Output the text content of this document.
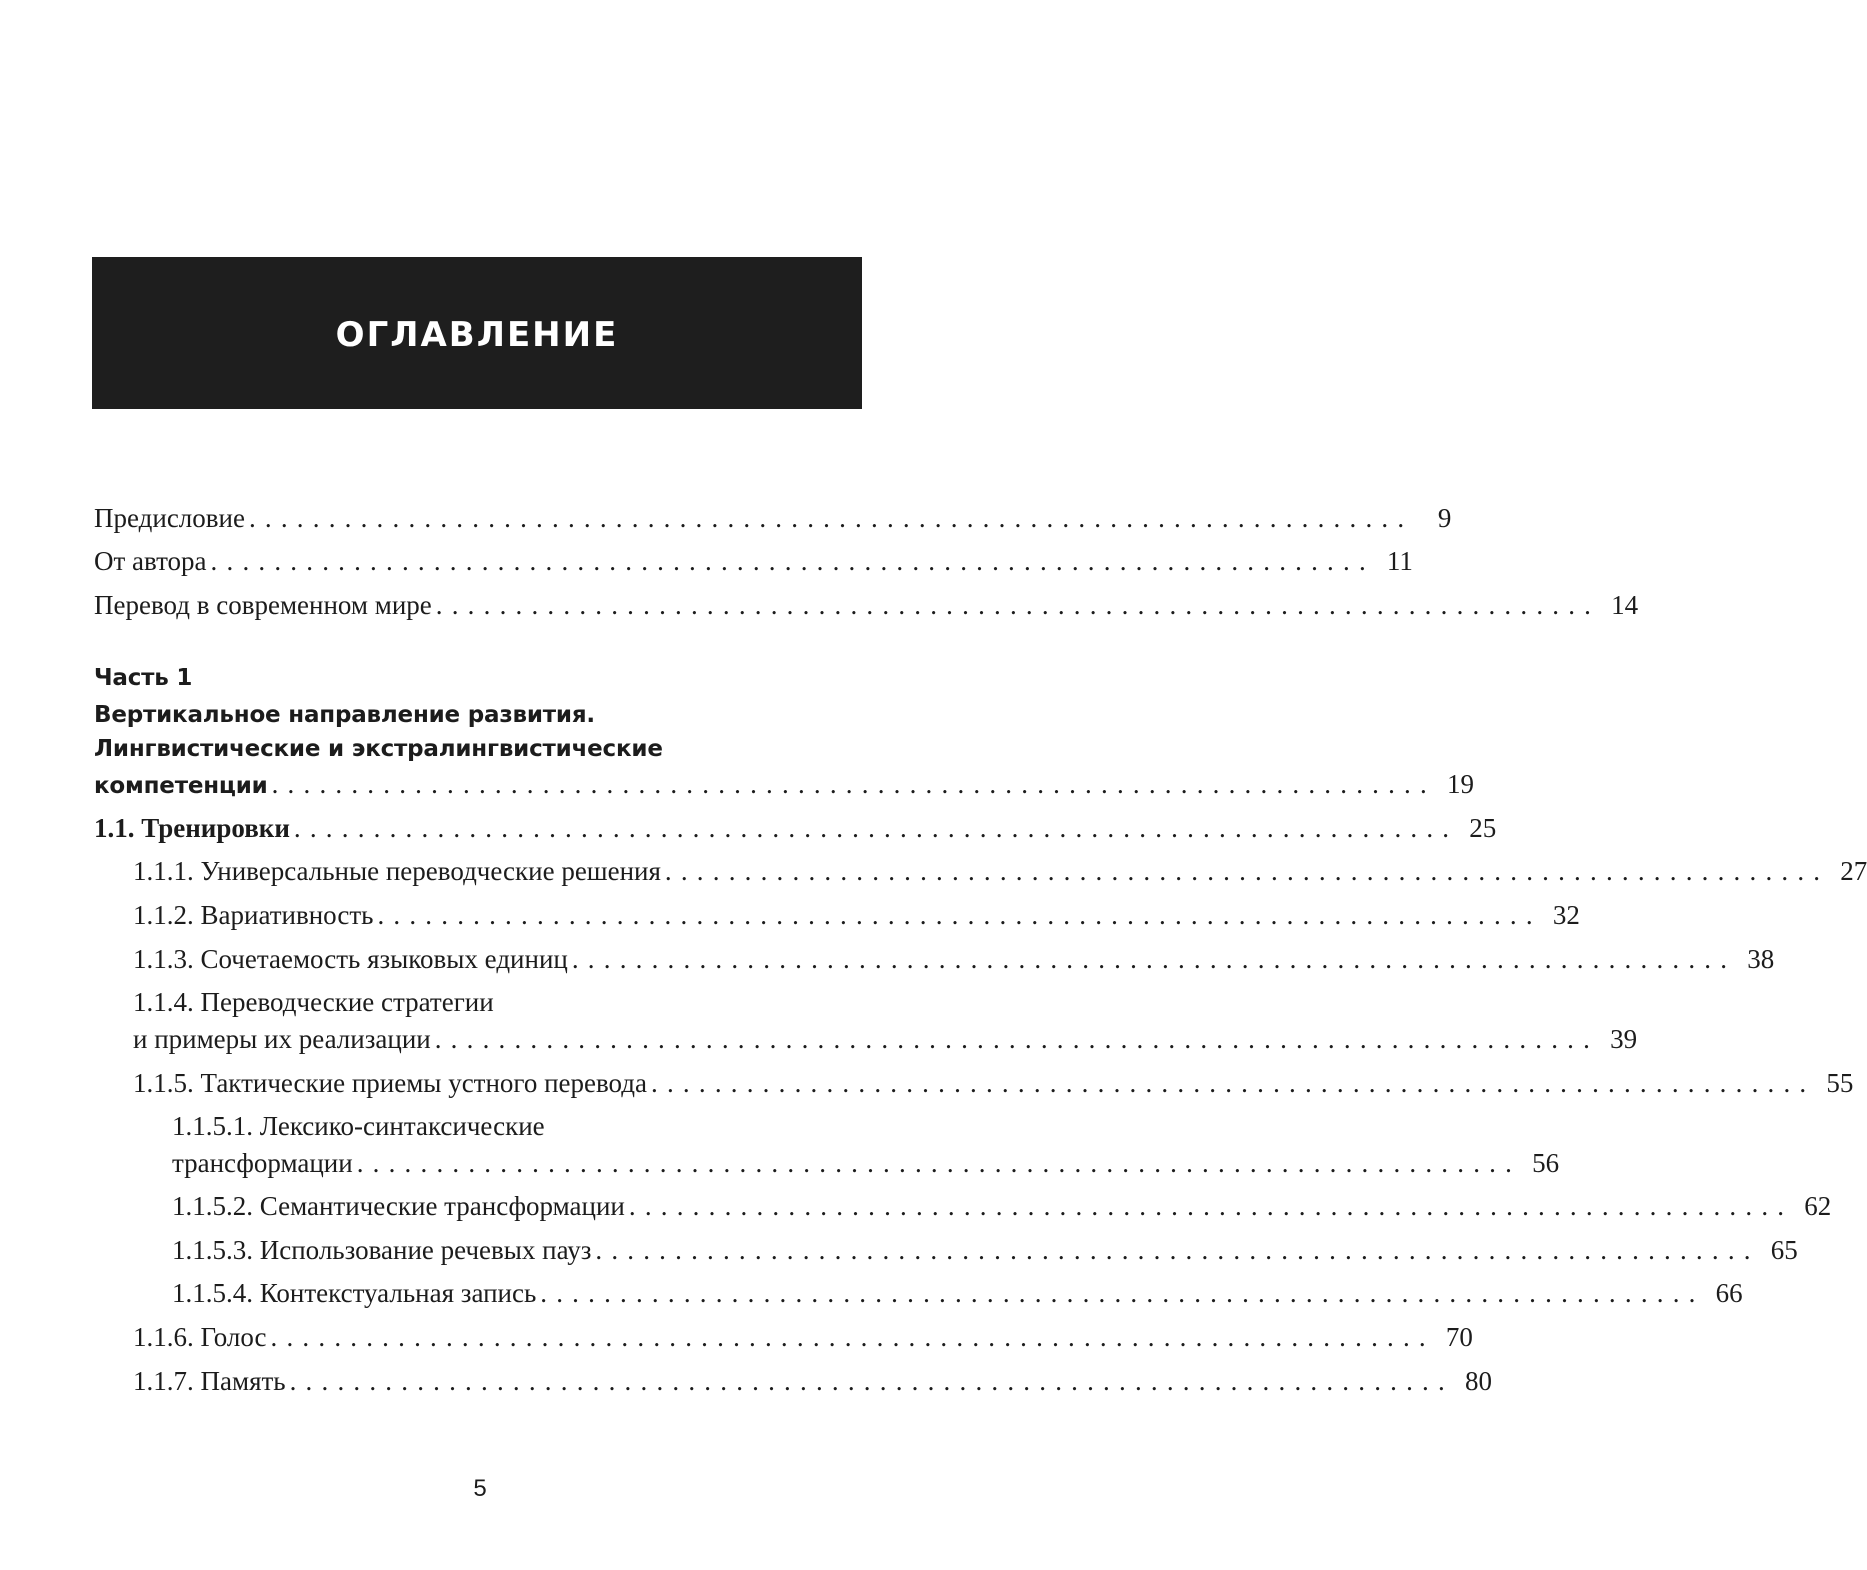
ОГЛАВЛЕНИЕ
Предисловие ......................................................................... 9
От автора ......................................................................... 11
Перевод в современном мире ......................................................................... 14
Часть 1
Вертикальное направление развития.
Лингвистические и экстралингвистические
компетенции ......................................................................... 19
1.1. Тренировки ......................................................................... 25
1.1.1. Универсальные переводческие решения ......................................................................... 27
1.1.2. Вариативность ......................................................................... 32
1.1.3. Сочетаемость языковых единиц ......................................................................... 38
1.1.4. Переводческие стратегии
и примеры их реализации ......................................................................... 39
1.1.5. Тактические приемы устного перевода ......................................................................... 55
1.1.5.1. Лексико-синтаксические
трансформации ......................................................................... 56
1.1.5.2. Семантические трансформации ......................................................................... 62
1.1.5.3. Использование речевых пауз ......................................................................... 65
1.1.5.4. Контекстуальная запись ......................................................................... 66
1.1.6. Голос ......................................................................... 70
1.1.7. Память ......................................................................... 80
5
